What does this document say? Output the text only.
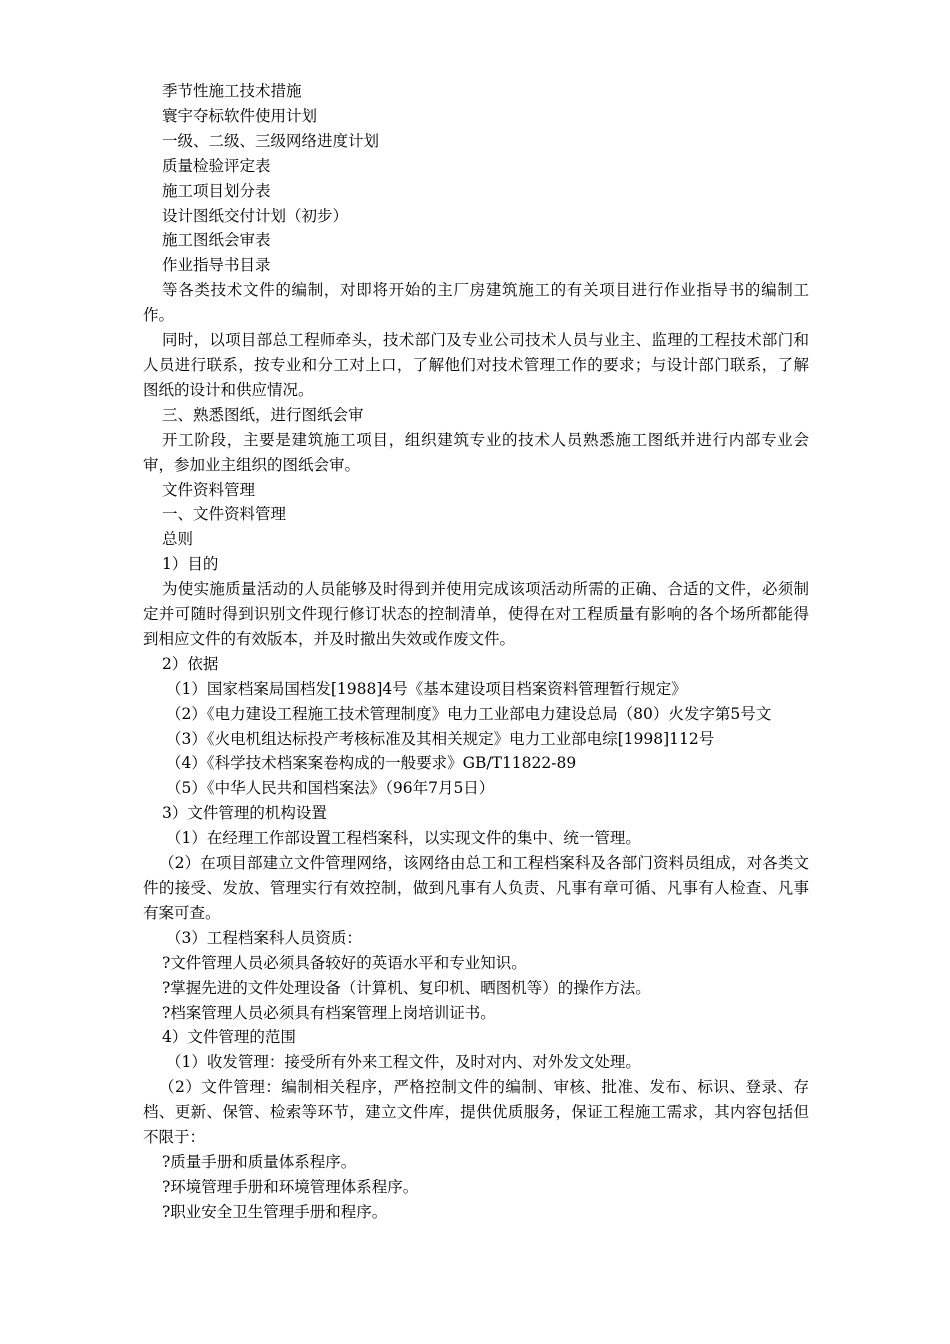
季节性施工技术措施

寰宇夺标软件使用计划

一级、二级、三级网络进度计划

质量检验评定表

施工项目划分表

设计图纸交付计划（初步）

施工图纸会审表

作业指导书目录

等各类技术文件的编制，对即将开始的主厂房建筑施工的有关项目进行作业指导书的编制工作。

同时，以项目部总工程师牵头，技术部门及专业公司技术人员与业主、监理的工程技术部门和人员进行联系，按专业和分工对上口，了解他们对技术管理工作的要求；与设计部门联系，了解图纸的设计和供应情况。

三、熟悉图纸，进行图纸会审

开工阶段，主要是建筑施工项目，组织建筑专业的技术人员熟悉施工图纸并进行内部专业会审，参加业主组织的图纸会审。

文件资料管理

一、文件资料管理

总则

1）目的

为使实施质量活动的人员能够及时得到并使用完成该项活动所需的正确、合适的文件，必须制定并可随时得到识别文件现行修订状态的控制清单，使得在对工程质量有影响的各个场所都能得到相应文件的有效版本，并及时撤出失效或作废文件。

2）依据

（1）国家档案局国档发[1988]4号《基本建设项目档案资料管理暂行规定》

（2）《电力建设工程施工技术管理制度》电力工业部电力建设总局（80）火发字第5号文

（3）《火电机组达标投产考核标准及其相关规定》电力工业部电综[1998]112号

（4）《科学技术档案案卷构成的一般要求》GB/T11822-89

（5）《中华人民共和国档案法》（96年7月5日）

3）文件管理的机构设置

（1）在经理工作部设置工程档案科，以实现文件的集中、统一管理。

（2）在项目部建立文件管理网络，该网络由总工和工程档案科及各部门资料员组成，对各类文件的接受、发放、管理实行有效控制，做到凡事有人负责、凡事有章可循、凡事有人检查、凡事有案可查。

（3）工程档案科人员资质：

?文件管理人员必须具备较好的英语水平和专业知识。

?掌握先进的文件处理设备（计算机、复印机、晒图机等）的操作方法。

?档案管理人员必须具有档案管理上岗培训证书。

4）文件管理的范围

（1）收发管理：接受所有外来工程文件，及时对内、对外发文处理。

（2）文件管理：编制相关程序，严格控制文件的编制、审核、批准、发布、标识、登录、存档、更新、保管、检索等环节，建立文件库，提供优质服务，保证工程施工需求，其内容包括但不限于：

?质量手册和质量体系程序。

?环境管理手册和环境管理体系程序。

?职业安全卫生管理手册和程序。
